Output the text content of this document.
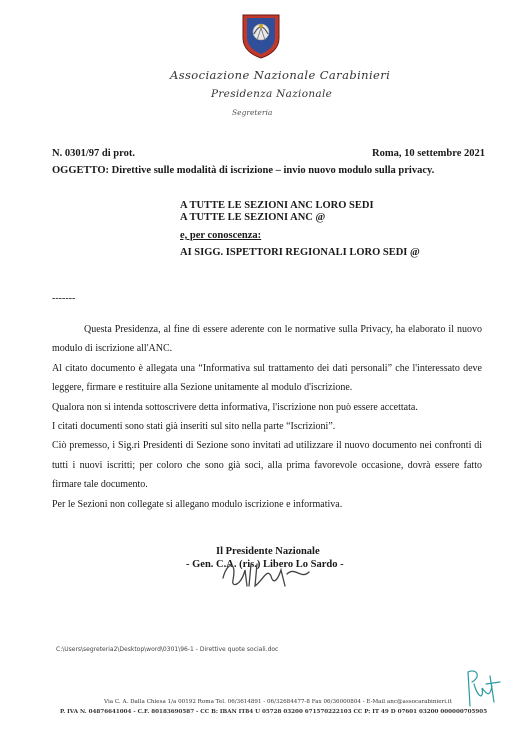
Associazione Nazionale Carabinieri
Presidenza Nazionale
Segreteria
N. 0301/97 di prot.	Roma, 10 settembre 2021
OGGETTO: Direttive sulle modalità di iscrizione – invio nuovo modulo sulla privacy.
A TUTTE LE SEZIONI ANC LORO SEDI
A TUTTE LE SEZIONI ANC @
e, per conoscenza:
AI SIGG. ISPETTORI REGIONALI LORO SEDI @
-------

Questa Presidenza, al fine di essere aderente con le normative sulla Privacy, ha elaborato il nuovo modulo di iscrizione all'ANC.

Al citato documento è allegata una “Informativa sul trattamento dei dati personali” che l'interessato deve leggere, firmare e restituire alla Sezione unitamente al modulo d'iscrizione.

Qualora non si intenda sottoscrivere detta informativa, l'iscrizione non può essere accettata.

I citati documenti sono stati già inseriti sul sito nella parte “Iscrizioni”.

Ciò premesso, i Sig.ri Presidenti di Sezione sono invitati ad utilizzare il nuovo documento nei confronti di tutti i nuovi iscritti; per coloro che sono già soci, alla prima favorevole occasione, dovrà essere fatto firmare tale documento.

Per le Sezioni non collegate si allegano modulo iscrizione e informativa.

Il Presidente Nazionale
- Gen. C.A. (ris.) Libero Lo Sardo -
C:\Users\segreteria2\Desktop\word\0301\96-1 - Direttive quote sociali.doc
Via C. A. Dalla Chiesa 1/a 00192 Roma Tel. 06/3614891 - 06/32684477-8 Fax 06/36000804 - E-Mail anc@assocarabinieri.it
P. IVA N. 04876641004 - C.F. 80183690587 - CC B: IBAN IT84 U 05728 03200 671570222103 CC P: IT 49 D 07601 03200 000000705905
